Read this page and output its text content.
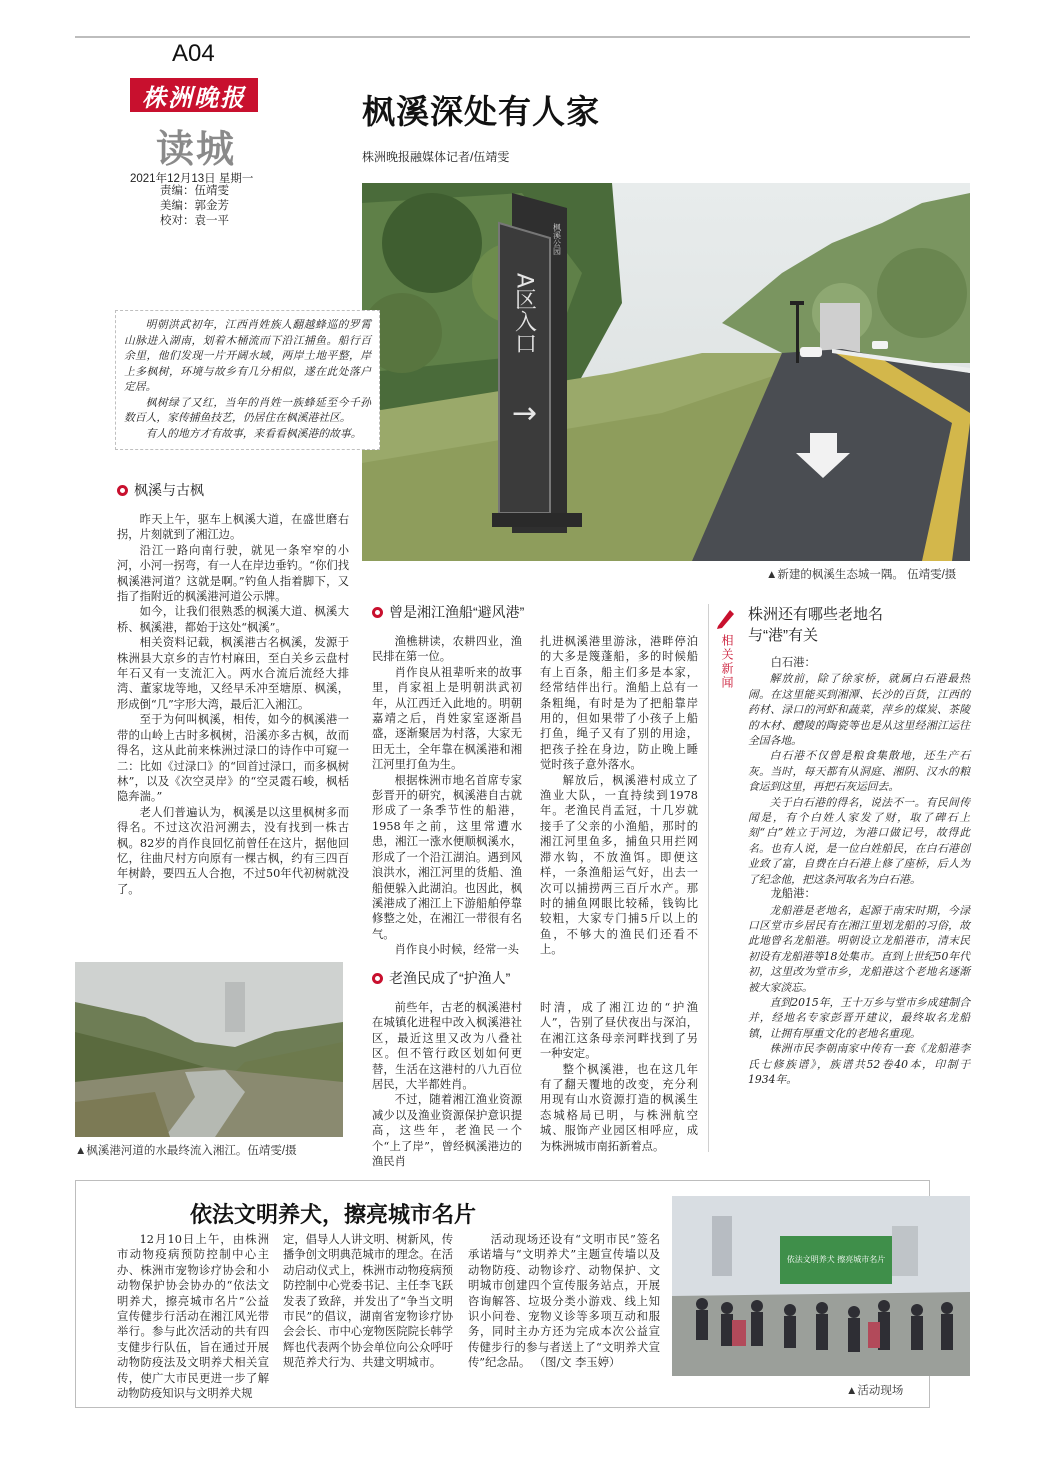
A04
株洲晚报
读城
2021年12月13日 星期一
责编：伍靖雯
美编：郭金芳
校对：袁一平
枫溪深处有人家
株洲晚报融媒体记者/伍靖雯
A区入口
→
枫溪公园
▲新建的枫溪生态城一隅。 伍靖雯/摄

明朝洪武初年，江西肖姓族人翻越蜂巡的罗霄山脉进入湖南，划着木桶流而下沿江捕鱼。船行百余里，他们发现一片开阔水域，两岸土地平整，岸上多枫树，环境与故乡有几分相似，遂在此处落户定居。

枫树绿了又红，当年的肖姓一族蜂延至今千孙数百人，家传捕鱼技艺，仍居住在枫溪港社区。

有人的地方才有故事，来看看枫溪港的故事。

枫溪与古枫

昨天上午，驱车上枫溪大道，在盛世磨右拐，片刻就到了湘江边。

沿江一路向南行驶，就见一条窄窄的小河，小河一拐弯，有一人在岸边垂钓。“你们找枫溪港河道？这就是啊。”钓鱼人指着脚下，又指了指附近的枫溪港河道公示牌。

如今，让我们很熟悉的枫溪大道、枫溪大桥、枫溪港，都始于这处“枫溪”。

相关资料记载，枫溪港古名枫溪，发源于株洲县大京乡的吉竹村麻田，至白关乡云盘村年石又有一支流汇入。两水合流后流经大排湾、董家垅等地，又经早禾冲至塘原、枫溪，形成倒“几”字形大湾，最后汇入湘江。

至于为何叫枫溪，相传，如今的枫溪港一带的山岭上古时多枫树，沿溪亦多古枫，故而得名，这从此前来株洲过渌口的诗作中可窥一二：比如《过渌口》的“回首过渌口，而多枫树林”，以及《次空灵岸》的“空灵霞石峻，枫栝隐奔湍。”

老人们普遍认为，枫溪是以这里枫树多而得名。不过这次沿河溯去，没有找到一株古枫。82岁的肖作良回忆前曾任在这片，据他回忆，往曲尺村方向原有一棵古枫，约有三四百年树龄，要四五人合抱，不过50年代初树就没了。

▲枫溪港河道的水最终流入湘江。伍靖雯/摄
曾是湘江渔船“避风港”

渔樵耕读，农耕四业，渔民排在第一位。

肖作良从祖辈听来的故事里，肖家祖上是明朝洪武初年，从江西迁入此地的。明朝嘉靖之后，肖姓家室逐渐昌盛，逐渐聚居为村落，大家无田无土，全年靠在枫溪港和湘江河里打鱼为生。

根据株洲市地名首席专家彭晋开的研究，枫溪港自古就形成了一条季节性的船港，1958年之前，这里常遭水患，湘江一涨水便顺枫溪水，形成了一个沿江湖泊。遇到风浪洪水，湘江河里的货船、渔船便躲入此湖泊。也因此，枫溪港成了湘江上下游船舶停靠修整之处，在湘江一带很有名气。

肖作良小时候，经常一头

扎进枫溪港里游泳，港畔停泊的大多是篾蓬船，多的时候船有上百条，船主们多是本家，经常结伴出行。渔船上总有一条粗绳，有时是为了把船靠岸用的，但如果带了小孩子上船打鱼，绳子又有了别的用途，把孩子拴在身边，防止晚上睡觉时孩子意外落水。

解放后，枫溪港村成立了渔业大队，一直持续到1978年。老渔民肖孟冠，十几岁就接手了父亲的小渔船，那时的湘江河里鱼多，捕鱼只用拦网滞水钩，不放渔饵。即便这样，一条渔船运气好，出去一次可以捕捞两三百斤水产。那时的捕鱼网眼比较稀，钱钩比较粗，大家专门捕5斤以上的鱼，不够大的渔民们还看不上。

老渔民成了“护渔人”

前些年，古老的枫溪港村在城镇化进程中改入枫溪港社区，最近这里又改为八叠社区。但不管行政区划如何更替，生活在这港村的八九百位居民，大半都姓肖。

不过，随着湘江渔业资源减少以及渔业资源保护意识提高，这些年，老渔民一个个“上了岸”，曾经枫溪港边的渔民肖

时清，成了湘江边的“护渔人”，告别了昼伏夜出与深泊，在湘江这条母亲河畔找到了另一种安定。

整个枫溪港，也在这几年有了翻天覆地的改变，充分利用现有山水资源打造的枫溪生态城格局已明，与株洲航空城、服饰产业园区相呼应，成为株洲城市南拓新着点。

相关新闻
株洲还有哪些老地名
与“港”有关

白石港：

解放前，除了徐家桥，就属白石港最热闹。在这里能买到湘潭、长沙的百货，江西的药材、渌口的河虾和蔬菜，萍乡的煤炭、茶陵的木材、醴陵的陶瓷等也是从这里经湘江运往全国各地。

白石港不仅曾是粮食集散地，还生产石灰。当时，每天都有从洞庭、湘阴、汉水的粮食运到这里，再把石灰运回去。

关于白石港的得名，说法不一。有民间传闻是，有个白姓人家发了财，取了碑石上刻“白”姓立于河边，为港口做记号，故得此名。也有人说，是一位白姓船民，在白石港创业致了富，自费在白石港上修了座桥，后人为了纪念他，把这条河取名为白石港。

龙船港：

龙船港是老地名，起源于南宋时期，今渌口区堂市乡居民有在湘江里划龙船的习俗，故此地曾名龙船港。明朝设立龙船港市，清末民初设有龙船港等18处集市。直到上世纪50年代初，这里改为堂市乡，龙船港这个老地名逐渐被大家淡忘。

直到2015年，王十万乡与堂市乡成建制合并，经地名专家彭晋开建议，最终取名龙船镇，让拥有厚重文化的老地名重现。

株洲市民李朝南家中传有一套《龙船港李氏七修族谱》，族谱共52卷40本，印制于1934年。

依法文明养犬，擦亮城市名片

12月10日上午，由株洲市动物疫病预防控制中心主办、株洲市宠物诊疗协会和小动物保护协会协办的“依法文明养犬，擦亮城市名片”公益宣传健步行活动在湘江风光带举行。参与此次活动的共有四支健步行队伍，旨在通过开展动物防疫法及文明养犬相关宣传，使广大市民更进一步了解动物防疫知识与文明养犬规

定，倡导人人讲文明、树新风，传播争创文明典范城市的理念。在活动启动仪式上，株洲市动物疫病预防控制中心党委书记、主任李飞跃发表了致辞，并发出了“争当文明市民”的倡议，湖南省宠物诊疗协会会长、市中心宠物医院院长韩学辉也代表两个协会单位向公众呼吁规范养犬行为、共建文明城市。

活动现场还设有“文明市民”签名承诺墙与“文明养犬”主题宣传墙以及动物防疫、动物诊疗、动物保护、文明城市创建四个宣传服务站点，开展咨询解答、垃圾分类小游戏、线上知识小问卷、宠物义诊等多项互动和服务，同时主办方还为完成本次公益宣传健步行的参与者送上了“文明养犬宣传”纪念品。 （图/文 李玉婷）

依法文明养犬 擦亮城市名片
▲活动现场
